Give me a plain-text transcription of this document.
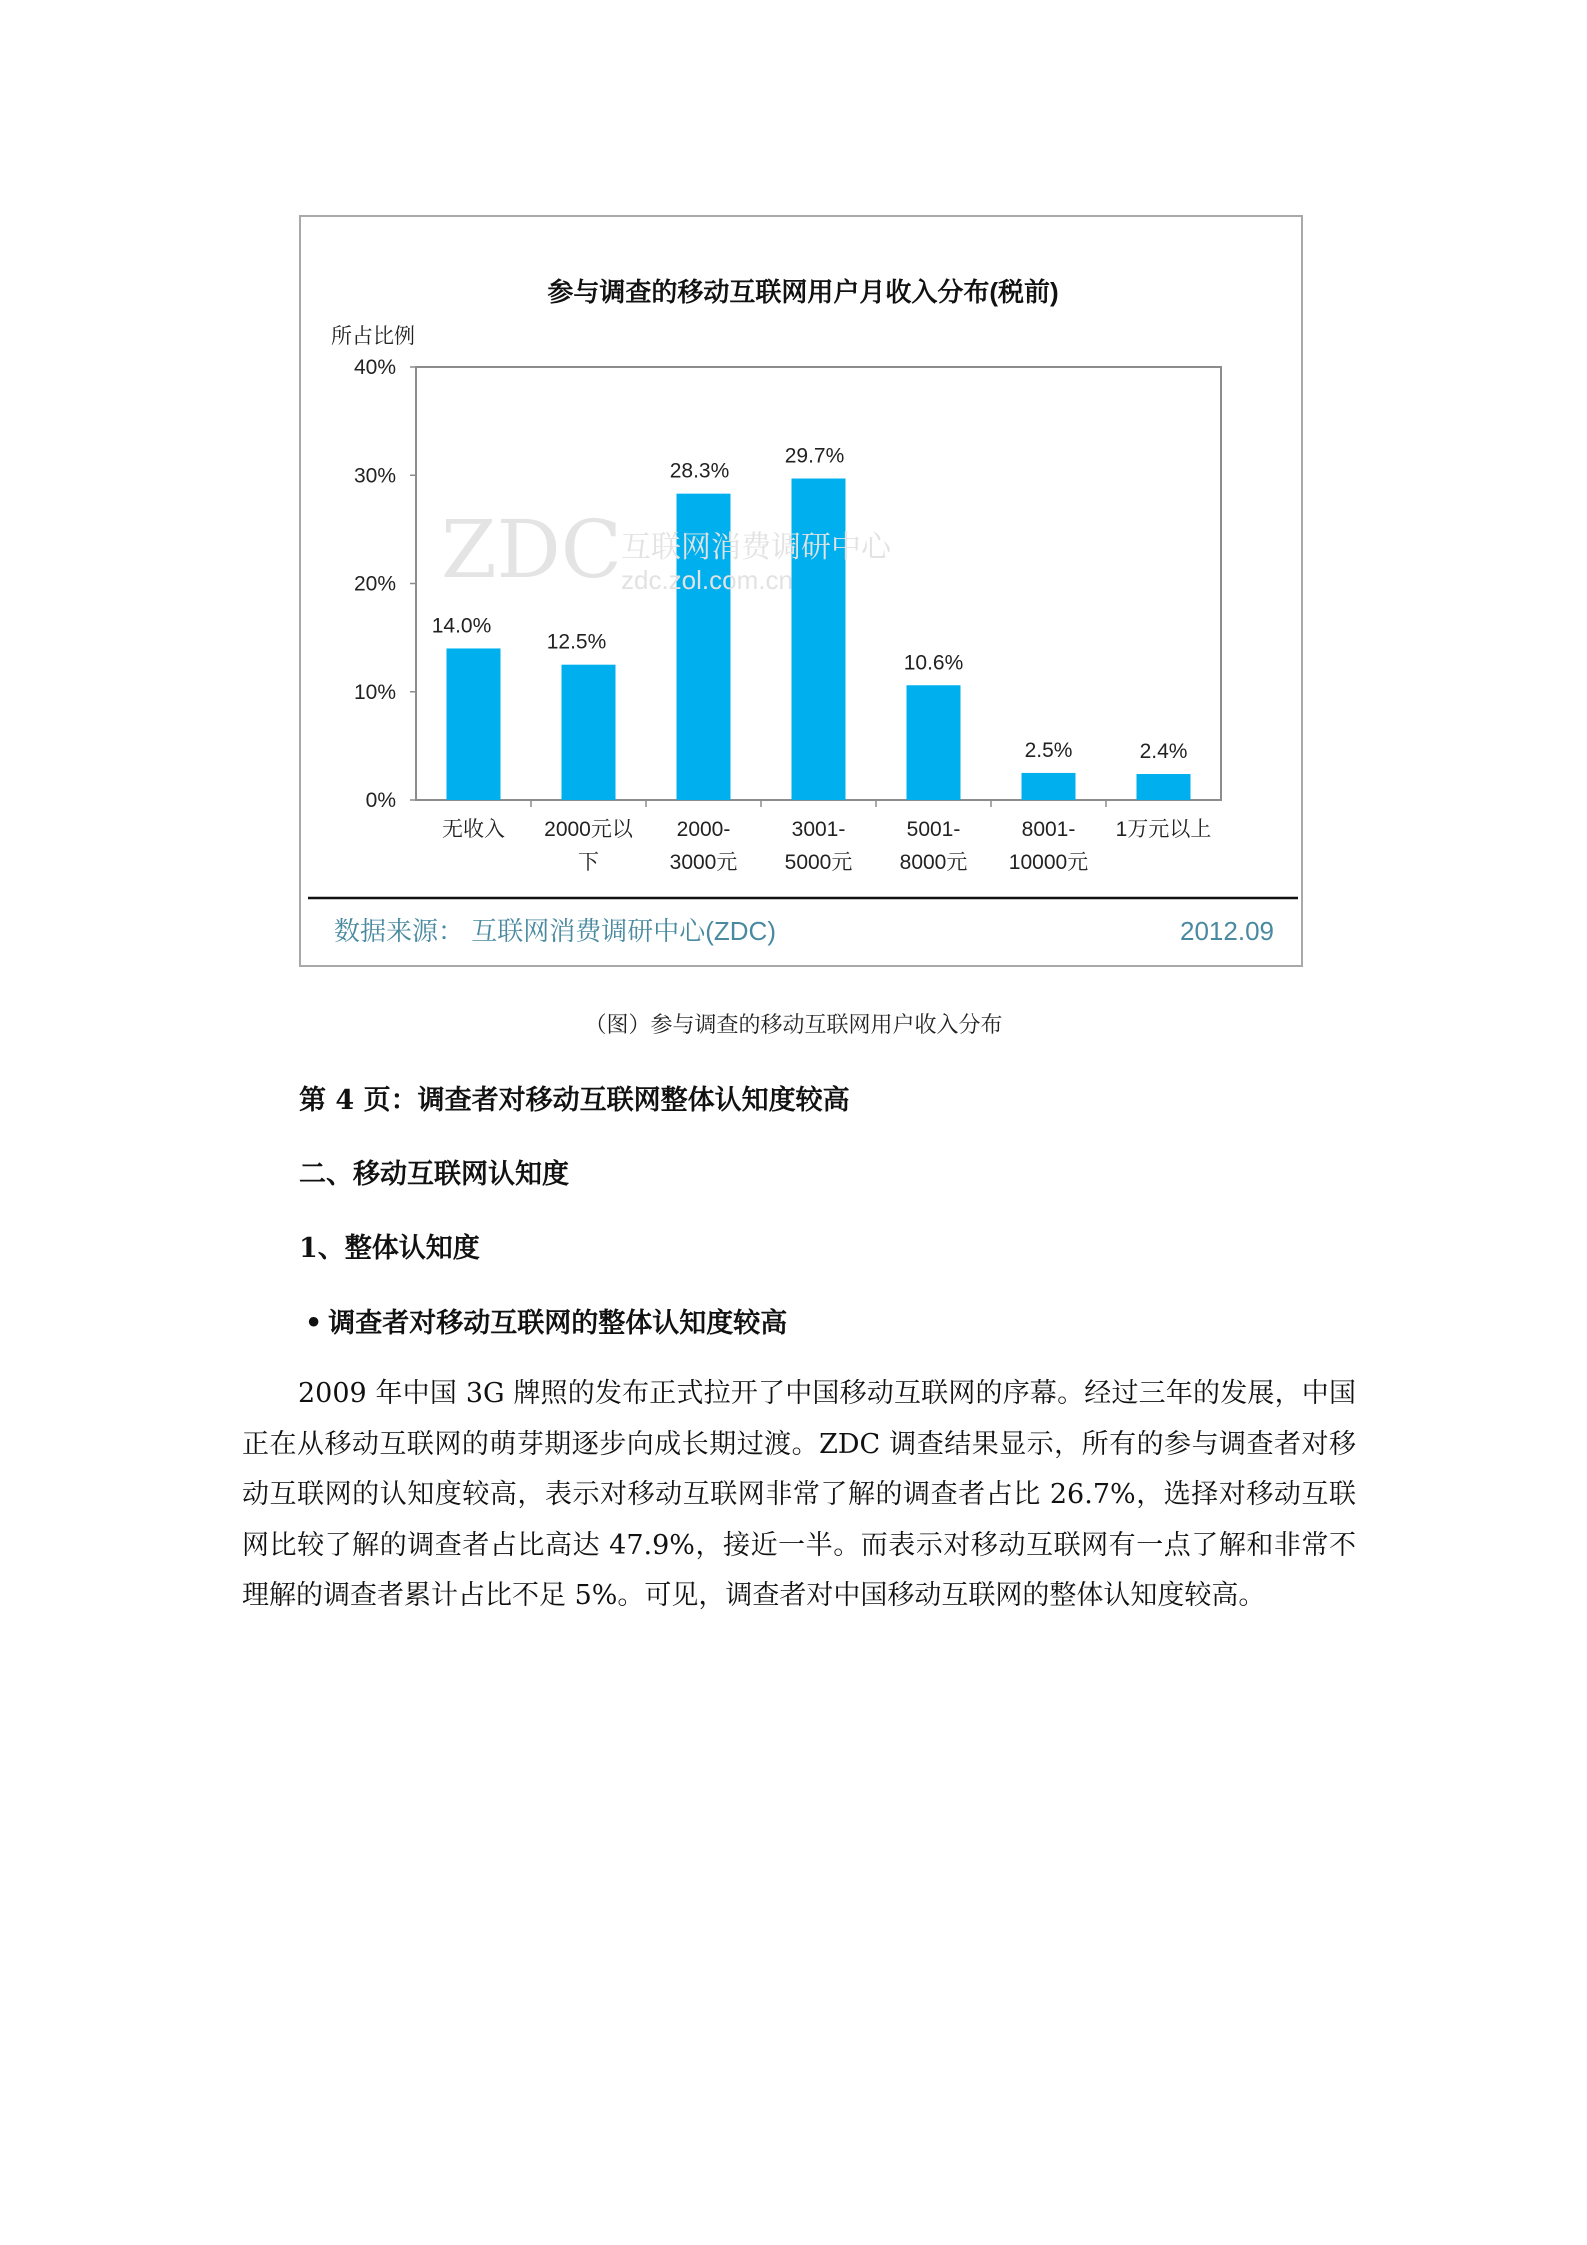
参与调查的移动互联网用户月收入分布(税前)
所占比例
0%
10%
20%
30%
40%
14.0%
无收入
12.5%
2000元以
下
28.3%
2000-
3000元
29.7%
3001-
5000元
10.6%
5001-
8000元
2.5%
8001-
10000元
2.4%
1万元以上
ZDC 互联网消费调研中心
zdc.zol.com.cn
数据来源： 互联网消费调研中心(ZDC)	2012.09
（图）参与调查的移动互联网用户收入分布
第 4 页：调查者对移动互联网整体认知度较高
二、移动互联网认知度
1、整体认知度
• 调查者对移动互联网的整体认知度较高
2009 年中国 3G 牌照的发布正式拉开了中国移动互联网的序幕。经过三年的发展，中国
正在从移动互联网的萌芽期逐步向成长期过渡。ZDC 调查结果显示，所有的参与调查者对移
动互联网的认知度较高，表示对移动互联网非常了解的调查者占比 26.7%，选择对移动互联
网比较了解的调查者占比高达 47.9%，接近一半。而表示对移动互联网有一点了解和非常不
理解的调查者累计占比不足 5%。可见，调查者对中国移动互联网的整体认知度较高。
